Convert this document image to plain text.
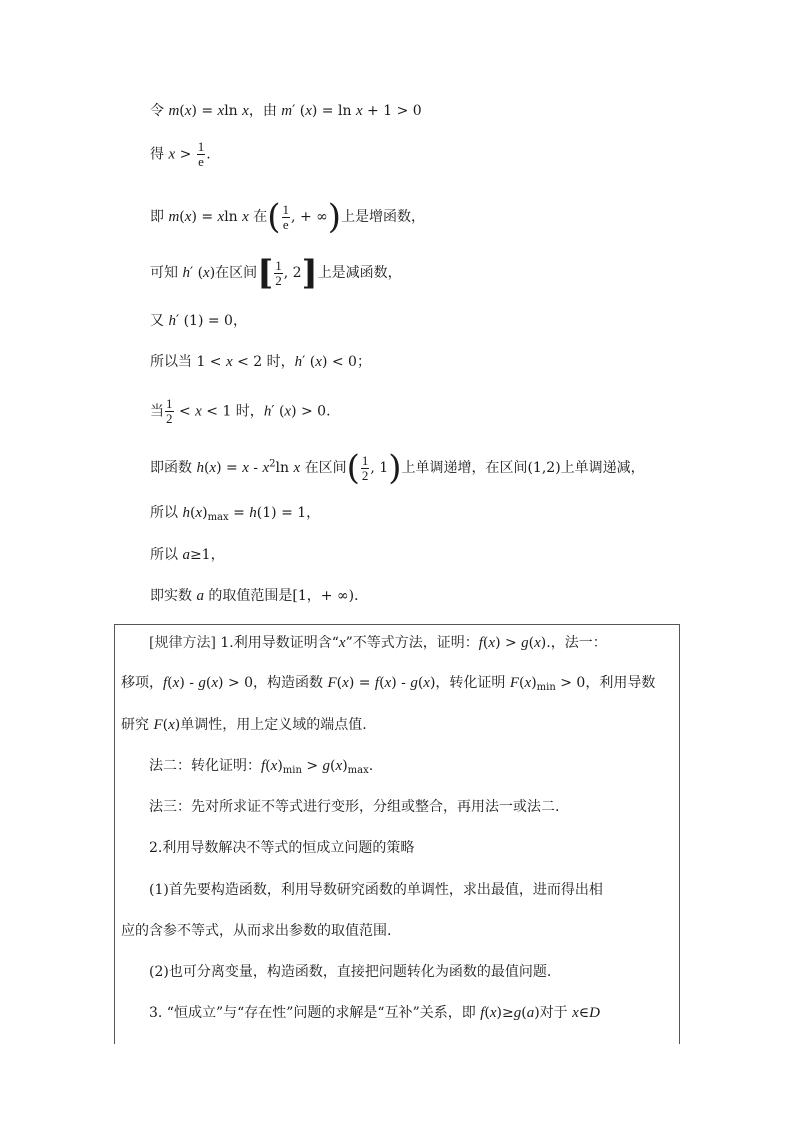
令 m(x) = xln x，由 m′ (x) = ln x + 1 > 0
得 $x > \frac{1}{e}$ .
即 m(x) = xln x 在( $\frac{1}{e}$ , + ∞)上是增函数，
可知 h′ (x)在区间[ $\frac{1}{2}$ , 2]上是减函数，
又 h′ (1) = 0，
所以当 1 < x < 2 时，h′ (x) < 0；
当 $\frac{1}{2} < x < 1$ 时，h′ (x) > 0.
即函数 $h(x) = x - x^2\ln$ x 在区间( $\frac{1}{2}$ , 1)上单调递增，在区间(1,2)上单调递减，
所以 $h(x)_{max} = h(1) = 1$，
所以 a≥1，
即实数 a 的取值范围是[1，+ ∞)．
[规律方法] 1.利用导数证明含“x”不等式方法，证明：f(x) > g(x).，法一：
移项，f(x) - g(x) > 0，构造函数 F(x) = f(x) - g(x)，转化证明 $F(x)_{min} > 0$，利用导数
研究 F(x)单调性，用上定义域的端点值.
法二：转化证明：$f(x)_{min} > g(x)_{max}$.
法三：先对所求证不等式进行变形，分组或整合，再用法一或法二.
2.利用导数解决不等式的恒成立问题的策略
(1)首先要构造函数，利用导数研究函数的单调性，求出最值，进而得出相
应的含参不等式，从而求出参数的取值范围.
(2)也可分离变量，构造函数，直接把问题转化为函数的最值问题.
3. “恒成立”与“存在性”问题的求解是“互补”关系，即 f(x)≥g(a)对于 x∈D
